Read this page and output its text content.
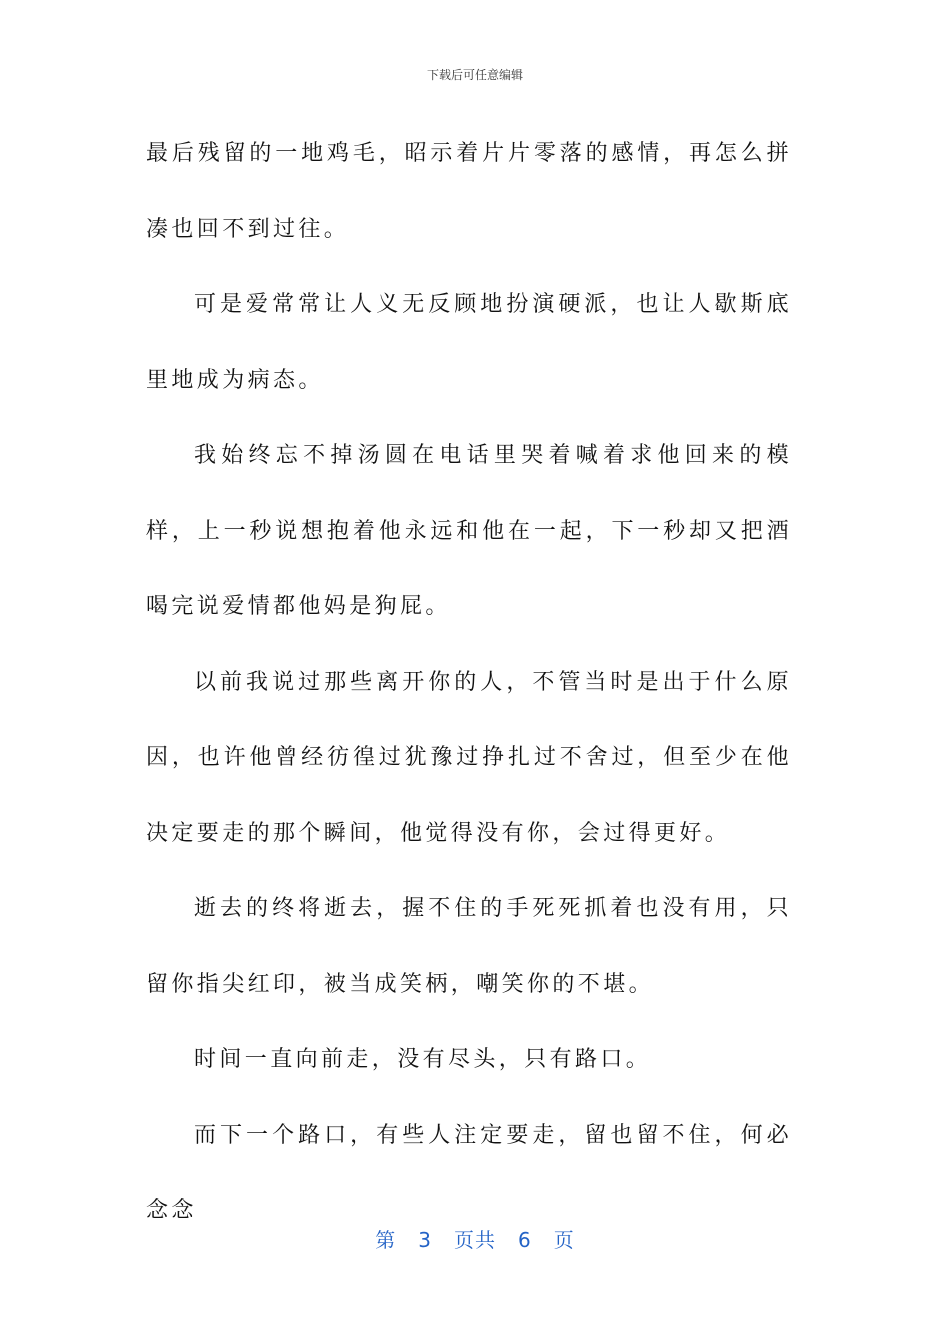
下载后可任意编辑

最后残留的一地鸡毛，昭示着片片零落的感情，再怎么拼凑也回不到过往。

可是爱常常让人义无反顾地扮演硬派，也让人歇斯底里地成为病态。

我始终忘不掉汤圆在电话里哭着喊着求他回来的模样，上一秒说想抱着他永远和他在一起，下一秒却又把酒喝完说爱情都他妈是狗屁。

以前我说过那些离开你的人，不管当时是出于什么原因，也许他曾经彷徨过犹豫过挣扎过不舍过，但至少在他决定要走的那个瞬间，他觉得没有你，会过得更好。

逝去的终将逝去，握不住的手死死抓着也没有用，只留你指尖红印，被当成笑柄，嘲笑你的不堪。

时间一直向前走，没有尽头，只有路口。

而下一个路口，有些人注定要走，留也留不住，何必念念

第 3 页共 6 页
